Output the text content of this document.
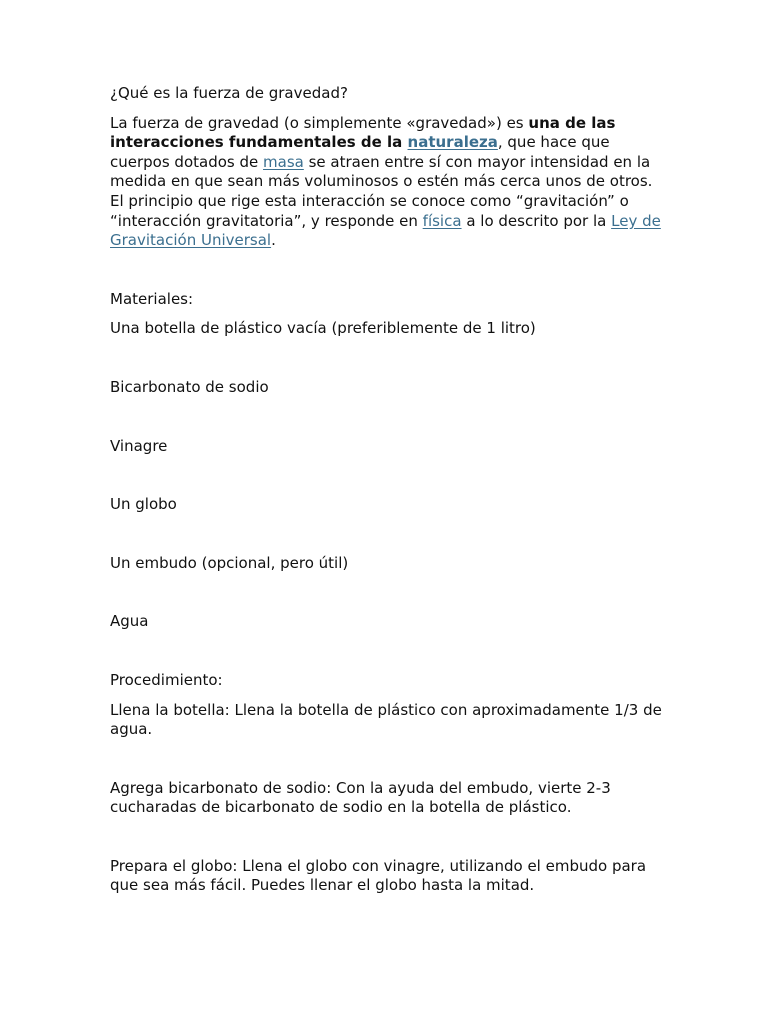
¿Qué es la fuerza de gravedad?

La fuerza de gravedad (o simplemente «gravedad») es una de las interacciones fundamentales de la naturaleza, que hace que cuerpos dotados de masa se atraen entre sí con mayor intensidad en la medida en que sean más voluminosos o estén más cerca unos de otros. El principio que rige esta interacción se conoce como “gravitación” o “interacción gravitatoria”, y responde en física a lo descrito por la Ley de Gravitación Universal.

Materiales:

Una botella de plástico vacía (preferiblemente de 1 litro)

Bicarbonato de sodio

Vinagre

Un globo

Un embudo (opcional, pero útil)

Agua

Procedimiento:

Llena la botella: Llena la botella de plástico con aproximadamente 1/3 de agua.

Agrega bicarbonato de sodio: Con la ayuda del embudo, vierte 2-3 cucharadas de bicarbonato de sodio en la botella de plástico.

Prepara el globo: Llena el globo con vinagre, utilizando el embudo para que sea más fácil. Puedes llenar el globo hasta la mitad.
